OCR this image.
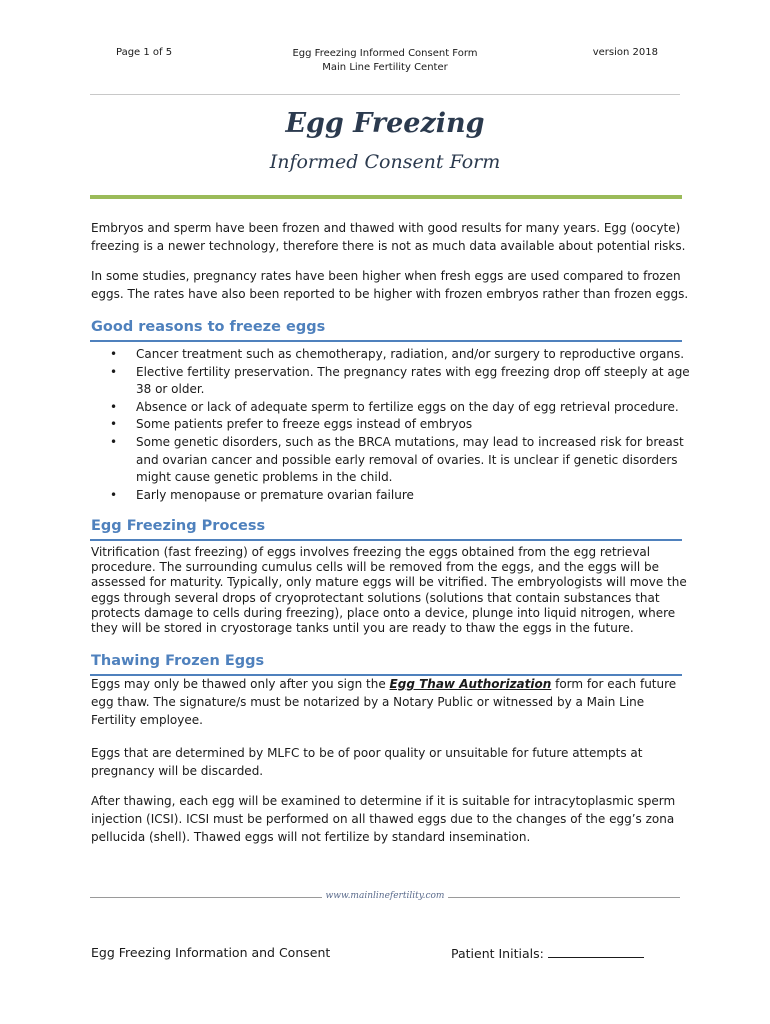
Page 1 of 5	Egg Freezing Informed Consent Form
Main Line Fertility Center
version 2018
Egg Freezing
Informed Consent Form
Embryos and sperm have been frozen and thawed with good results for many years. Egg (oocyte) freezing is a newer technology, therefore there is not as much data available about potential risks.
In some studies, pregnancy rates have been higher when fresh eggs are used compared to frozen eggs. The rates have also been reported to be higher with frozen embryos rather than frozen eggs.
Good reasons to freeze eggs
• Cancer treatment such as chemotherapy, radiation, and/or surgery to reproductive organs.
• Elective fertility preservation. The pregnancy rates with egg freezing drop off steeply at age 38 or older.
• Absence or lack of adequate sperm to fertilize eggs on the day of egg retrieval procedure.
• Some patients prefer to freeze eggs instead of embryos
• Some genetic disorders, such as the BRCA mutations, may lead to increased risk for breast and ovarian cancer and possible early removal of ovaries. It is unclear if genetic disorders might cause genetic problems in the child.
• Early menopause or premature ovarian failure
Egg Freezing Process
Vitrification (fast freezing) of eggs involves freezing the eggs obtained from the egg retrieval procedure. The surrounding cumulus cells will be removed from the eggs, and the eggs will be assessed for maturity. Typically, only mature eggs will be vitrified. The embryologists will move the eggs through several drops of cryoprotectant solutions (solutions that contain substances that protects damage to cells during freezing), place onto a device, plunge into liquid nitrogen, where they will be stored in cryostorage tanks until you are ready to thaw the eggs in the future.
Thawing Frozen Eggs
Eggs may only be thawed only after you sign the Egg Thaw Authorization form for each future egg thaw. The signature/s must be notarized by a Notary Public or witnessed by a Main Line Fertility employee.
Eggs that are determined by MLFC to be of poor quality or unsuitable for future attempts at pregnancy will be discarded.
After thawing, each egg will be examined to determine if it is suitable for intracytoplasmic sperm injection (ICSI). ICSI must be performed on all thawed eggs due to the changes of the egg’s zona pellucida (shell). Thawed eggs will not fertilize by standard insemination.
www.mainlinefertility.com
Egg Freezing Information and Consent	Patient Initials:
